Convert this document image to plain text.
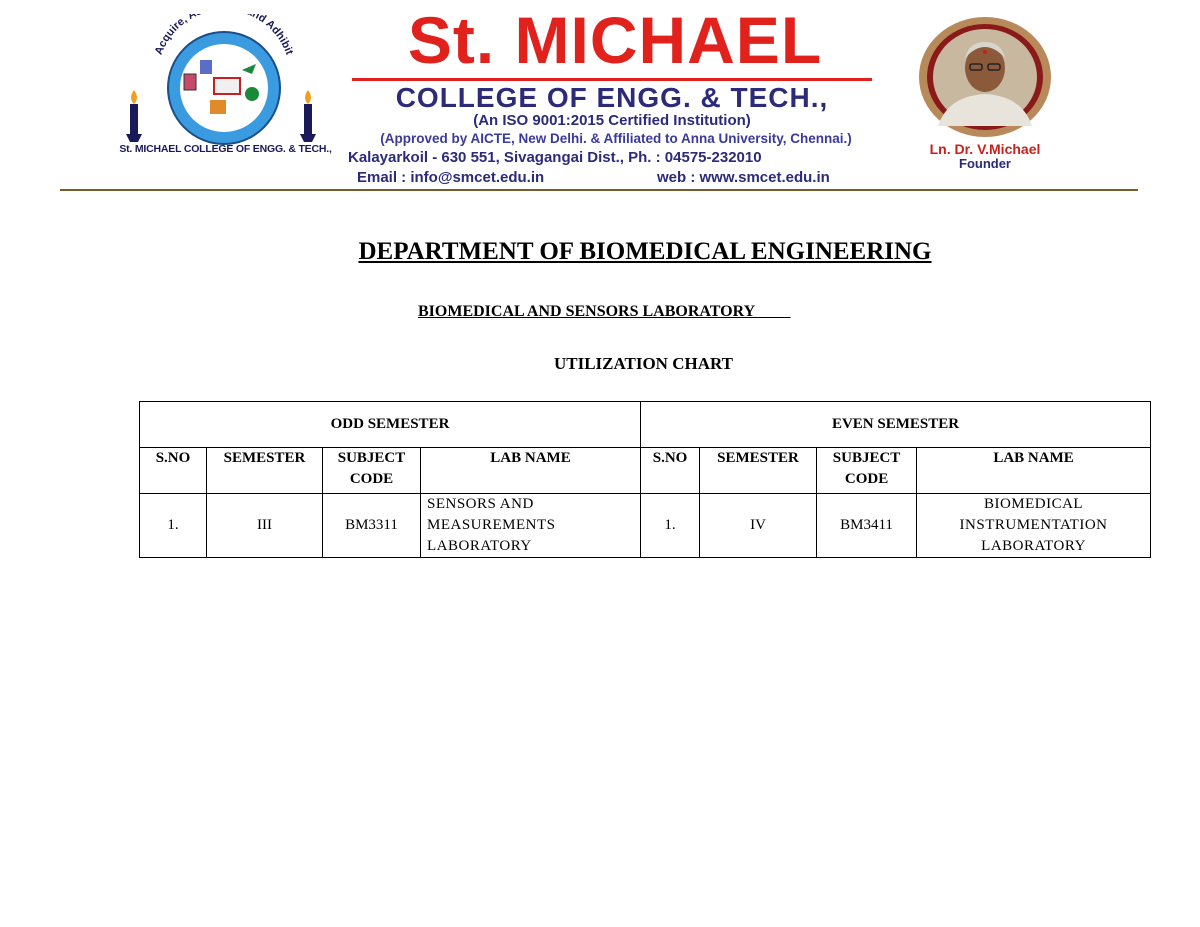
Acquire, A nd Adhibit
St. MICHAEL COLLEGE OF ENGG. & TECH.,
St. MICHAEL
COLLEGE OF ENGG. & TECH.,
(An ISO 9001:2015 Certified Institution)
(Approved by AICTE, New Delhi. & Affiliated to Anna University, Chennai.)
Kalayarkoil - 630 551, Sivagangai Dist., Ph. : 04575-232010
Email : info@smcet.edu.in	web : www.smcet.edu.in
Ln. Dr. V.Michael
Founder
DEPARTMENT OF BIOMEDICAL ENGINEERING
BIOMEDICAL AND SENSORS LABORATORY
UTILIZATION CHART
ODD SEMESTER				EVEN SEMESTER			
S.NO	SEMESTER	SUBJECT CODE	LAB NAME	S.NO	SEMESTER	SUBJECT CODE	LAB NAME
1.	III	BM3311	SENSORS AND MEASUREMENTS LABORATORY	1.	IV	BM3411	BIOMEDICAL INSTRUMENTATION LABORATORY
